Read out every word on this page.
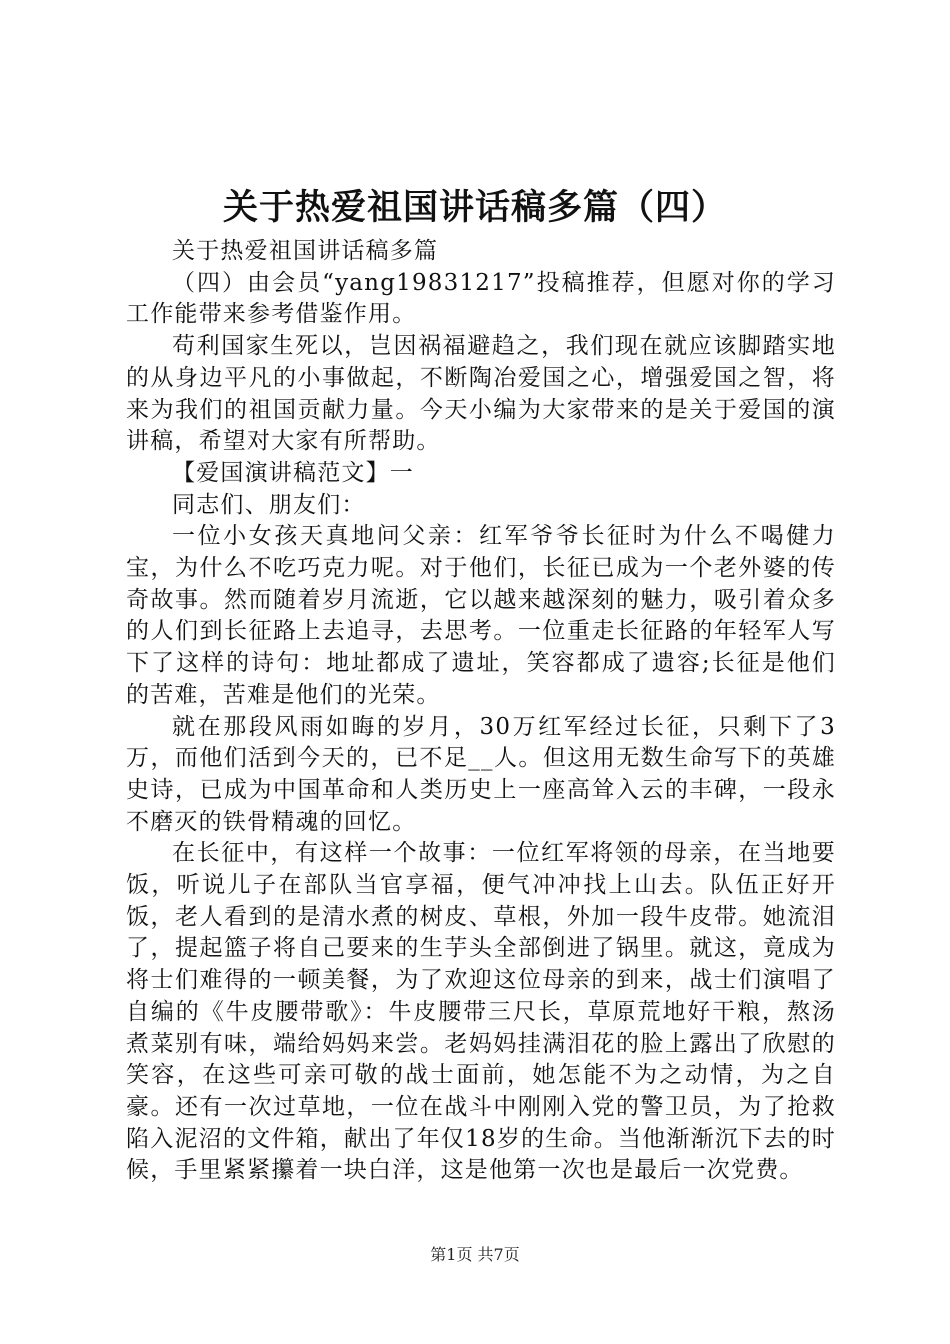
关于热爱祖国讲话稿多篇（四）

关于热爱祖国讲话稿多篇

（四）由会员“yang19831217”投稿推荐，但愿对你的学习工作能带来参考借鉴作用。

苟利国家生死以，岂因祸福避趋之，我们现在就应该脚踏实地的从身边平凡的小事做起，不断陶冶爱国之心，增强爱国之智，将来为我们的祖国贡献力量。今天小编为大家带来的是关于爱国的演讲稿，希望对大家有所帮助。

【爱国演讲稿范文】一

同志们、朋友们：

一位小女孩天真地问父亲：红军爷爷长征时为什么不喝健力宝，为什么不吃巧克力呢。对于他们，长征已成为一个老外婆的传奇故事。然而随着岁月流逝，它以越来越深刻的魅力，吸引着众多的人们到长征路上去追寻，去思考。一位重走长征路的年轻军人写下了这样的诗句：地址都成了遗址，笑容都成了遗容;长征是他们的苦难，苦难是他们的光荣。

就在那段风雨如晦的岁月，30万红军经过长征，只剩下了3万，而他们活到今天的，已不足__人。但这用无数生命写下的英雄史诗，已成为中国革命和人类历史上一座高耸入云的丰碑，一段永不磨灭的铁骨精魂的回忆。

在长征中，有这样一个故事：一位红军将领的母亲，在当地要饭，听说儿子在部队当官享福，便气冲冲找上山去。队伍正好开饭，老人看到的是清水煮的树皮、草根，外加一段牛皮带。她流泪了，提起篮子将自己要来的生芋头全部倒进了锅里。就这，竟成为将士们难得的一顿美餐，为了欢迎这位母亲的到来，战士们演唱了自编的《牛皮腰带歌》：牛皮腰带三尺长，草原荒地好干粮，熬汤煮菜别有味，端给妈妈来尝。老妈妈挂满泪花的脸上露出了欣慰的笑容，在这些可亲可敬的战士面前，她怎能不为之动情，为之自豪。还有一次过草地，一位在战斗中刚刚入党的警卫员，为了抢救陷入泥沼的文件箱，献出了年仅18岁的生命。当他渐渐沉下去的时候，手里紧紧攥着一块白洋，这是他第一次也是最后一次党费。

第1页 共7页
